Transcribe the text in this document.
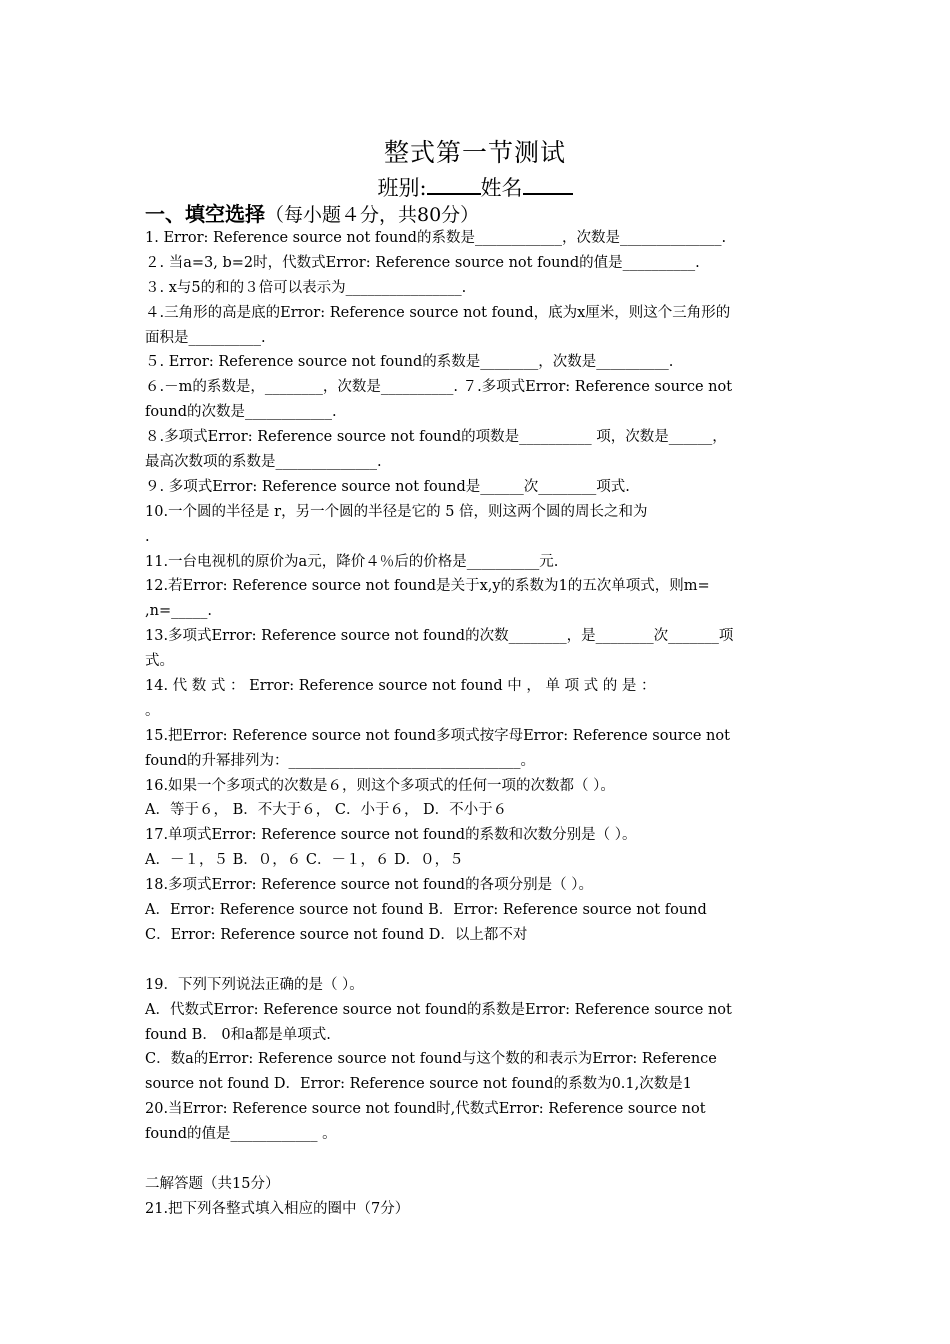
整式第一节测试
班别:	姓名
一、填空选择（每小题４分，共80分）
1. Error: Reference source not found的系数是____________，次数是______________.
２. 当a=3, b=2时，代数式Error: Reference source not found的值是__________.
３. x与5的和的３倍可以表示为________________.
４.三角形的高是底的Error: Reference source not found，底为x厘米，则这个三角形的
面积是__________.
５. Error: Reference source not found的系数是________，次数是__________.
６.－m的系数是，________，次数是__________. ７.多项式Error: Reference source not
found的次数是____________.
８.多项式Error: Reference source not found的项数是__________ 项，次数是______，
最高次数项的系数是______________.
９. 多项式Error: Reference source not found是______次________项式.
10.一个圆的半径是 r，另一个圆的半径是它的 5 倍，则这两个圆的周长之和为
.
11.一台电视机的原价为a元，降价４％后的价格是__________元.
12.若Error: Reference source not found是关于x,y的系数为1的五次单项式，则m=
,n=_____.
13.多项式Error: Reference source not found的次数________，是________次_______项
式。
14. 代 数 式 ： Error: Reference source not found 中 ， 单 项 式 的 是 ：
。
15.把Error: Reference source not found多项式按字母Error: Reference source not
found的升幂排列为：________________________________。
16.如果一个多项式的次数是６，则这个多项式的任何一项的次数都（ ）。
A．等于６， B．不大于６， C．小于６， D．不小于６
17.单项式Error: Reference source not found的系数和次数分别是（ ）。
A．－１，５ B．０，６ C．－１，６ D．０，５
18.多项式Error: Reference source not found的各项分别是（ ）。
A．Error: Reference source not found B．Error: Reference source not found
C．Error: Reference source not found D．以上都不对
19．下列下列说法正确的是（ ）。
A．代数式Error: Reference source not found的系数是Error: Reference source not
found B． 0和a都是单项式.
C．数a的Error: Reference source not found与这个数的和表示为Error: Reference
source not found D．Error: Reference source not found的系数为0.1,次数是1
20.当Error: Reference source not found时,代数式Error: Reference source not
found的值是____________ 。
二解答题（共15分）
21.把下列各整式填入相应的圈中（7分）
